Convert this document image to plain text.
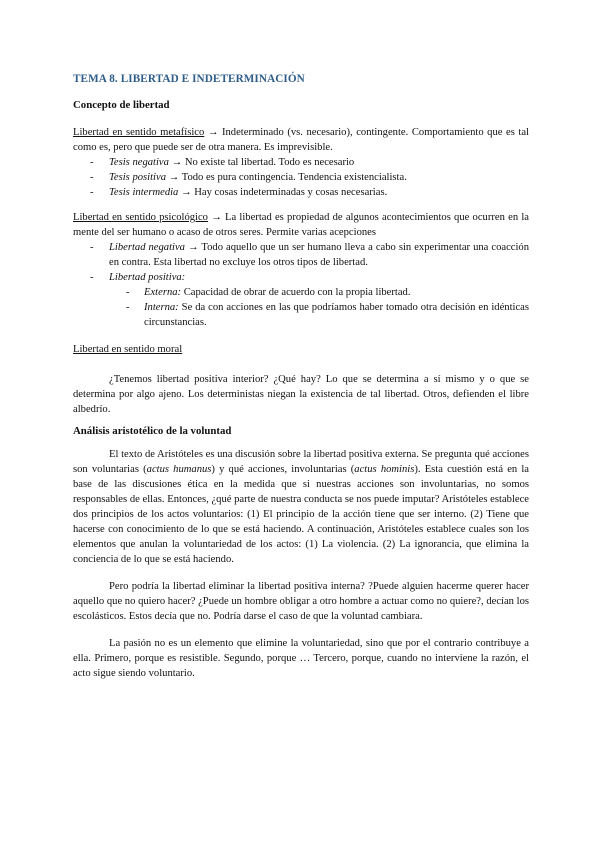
TEMA 8. LIBERTAD E INDETERMINACIÓN
Concepto de libertad

Libertad en sentido metafísico → Indeterminado (vs. necesario), contingente. Comportamiento que es tal como es, pero que puede ser de otra manera. Es imprevisible.

- Tesis negativa → No existe tal libertad. Todo es necesario
- Tesis positiva → Todo es pura contingencia. Tendencia existencialista.
- Tesis intermedia → Hay cosas indeterminadas y cosas necesarias.

Libertad en sentido psicológico → La libertad es propiedad de algunos acontecimientos que ocurren en la mente del ser humano o acaso de otros seres. Permite varias acepciones

- Libertad negativa → Todo aquello que un ser humano lleva a cabo sin experimentar una coacción en contra. Esta libertad no excluye los otros tipos de libertad.
- Libertad positiva:
- Externa: Capacidad de obrar de acuerdo con la propia libertad.
- Interna: Se da con acciones en las que podríamos haber tomado otra decisión en idénticas circunstancias.

Libertad en sentido moral

¿Tenemos libertad positiva interior? ¿Qué hay? Lo que se determina a sí mismo y o que se determina por algo ajeno. Los deterministas niegan la existencia de tal libertad. Otros, defienden el libre albedrío.

Análisis aristotélico de la voluntad

El texto de Aristóteles es una discusión sobre la libertad positiva externa. Se pregunta qué acciones son voluntarias (actus humanus) y qué acciones, involuntarias (actus hominis). Esta cuestión está en la base de las discusiones ética en la medida que si nuestras acciones son involuntarias, no somos responsables de ellas. Entonces, ¿qué parte de nuestra conducta se nos puede imputar? Aristóteles establece dos principios de los actos voluntarios: (1) El principio de la acción tiene que ser interno. (2) Tiene que hacerse con conocimiento de lo que se está haciendo. A continuación, Aristóteles establece cuales son los elementos que anulan la voluntariedad de los actos: (1) La violencia. (2) La ignorancia, que elimina la conciencia de lo que se está haciendo.

Pero podría la libertad eliminar la libertad positiva interna? ?Puede alguien hacerme querer hacer aquello que no quiero hacer? ¿Puede un hombre obligar a otro hombre a actuar como no quiere?, decían los escolásticos. Estos decía que no. Podría darse el caso de que la voluntad cambiara.

La pasión no es un elemento que elimine la voluntariedad, sino que por el contrario contribuye a ella. Primero, porque es resistible. Segundo, porque … Tercero, porque, cuando no interviene la razón, el acto sigue siendo voluntario.
